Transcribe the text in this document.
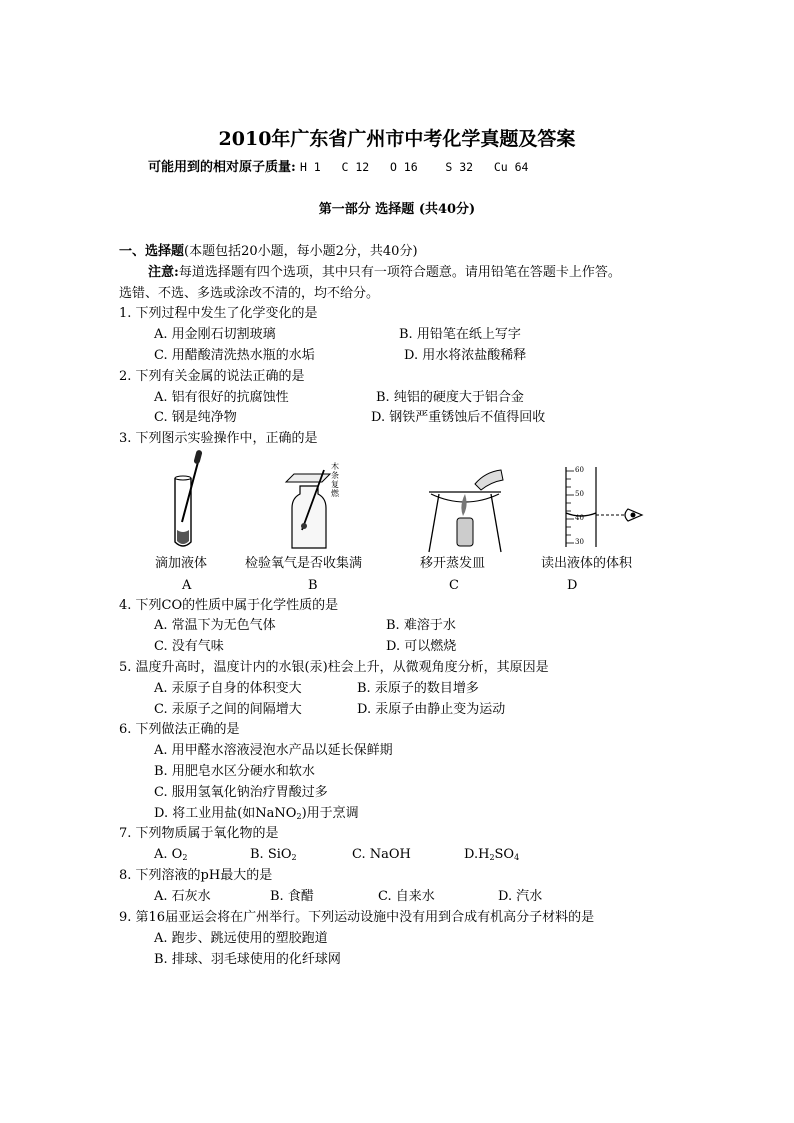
2010年广东省广州市中考化学真题及答案
可能用到的相对原子质量: H 1   C 12   O 16    S 32   Cu 64
第一部分 选择题 (共40分)
一、选择题(本题包括20小题，每小题2分，共40分)
注意:每道选择题有四个选项，其中只有一项符合题意。请用铅笔在答题卡上作答。
选错、不选、多选或涂改不清的，均不给分。
1. 下列过程中发生了化学变化的是
A. 用金刚石切割玻璃	B. 用铅笔在纸上写字
C. 用醋酸清洗热水瓶的水垢	D. 用水将浓盐酸稀释
2. 下列有关金属的说法正确的是
A. 铝有很好的抗腐蚀性	B. 纯铝的硬度大于铝合金
C. 钢是纯净物	D. 钢铁严重锈蚀后不值得回收
3. 下列图示实验操作中，正确的是
滴加液体
A
木条复燃
检验氧气是否收集满
B
移开蒸发皿
C
60
50
40
30
读出液体的体积
D
4. 下列CO的性质中属于化学性质的是
A. 常温下为无色气体	B. 难溶于水
C. 没有气味	D. 可以燃烧
5. 温度升高时，温度计内的水银(汞)柱会上升，从微观角度分析，其原因是
A. 汞原子自身的体积变大	B. 汞原子的数目增多
C. 汞原子之间的间隔增大	D. 汞原子由静止变为运动
6. 下列做法正确的是
A. 用甲醛水溶液浸泡水产品以延长保鲜期
B. 用肥皂水区分硬水和软水
C. 服用氢氧化钠治疗胃酸过多
D. 将工业用盐(如NaNO$_2$)用于烹调
7. 下列物质属于氧化物的是
A. $O_2$	B. SiO$_2$	C. NaOH	$D.H_2SO_4$
8. 下列溶液的pH最大的是
A. 石灰水	B. 食醋	C. 自来水	D. 汽水
9. 第16届亚运会将在广州举行。下列运动设施中没有用到合成有机高分子材料的是
A. 跑步、跳远使用的塑胶跑道
B. 排球、羽毛球使用的化纤球网
